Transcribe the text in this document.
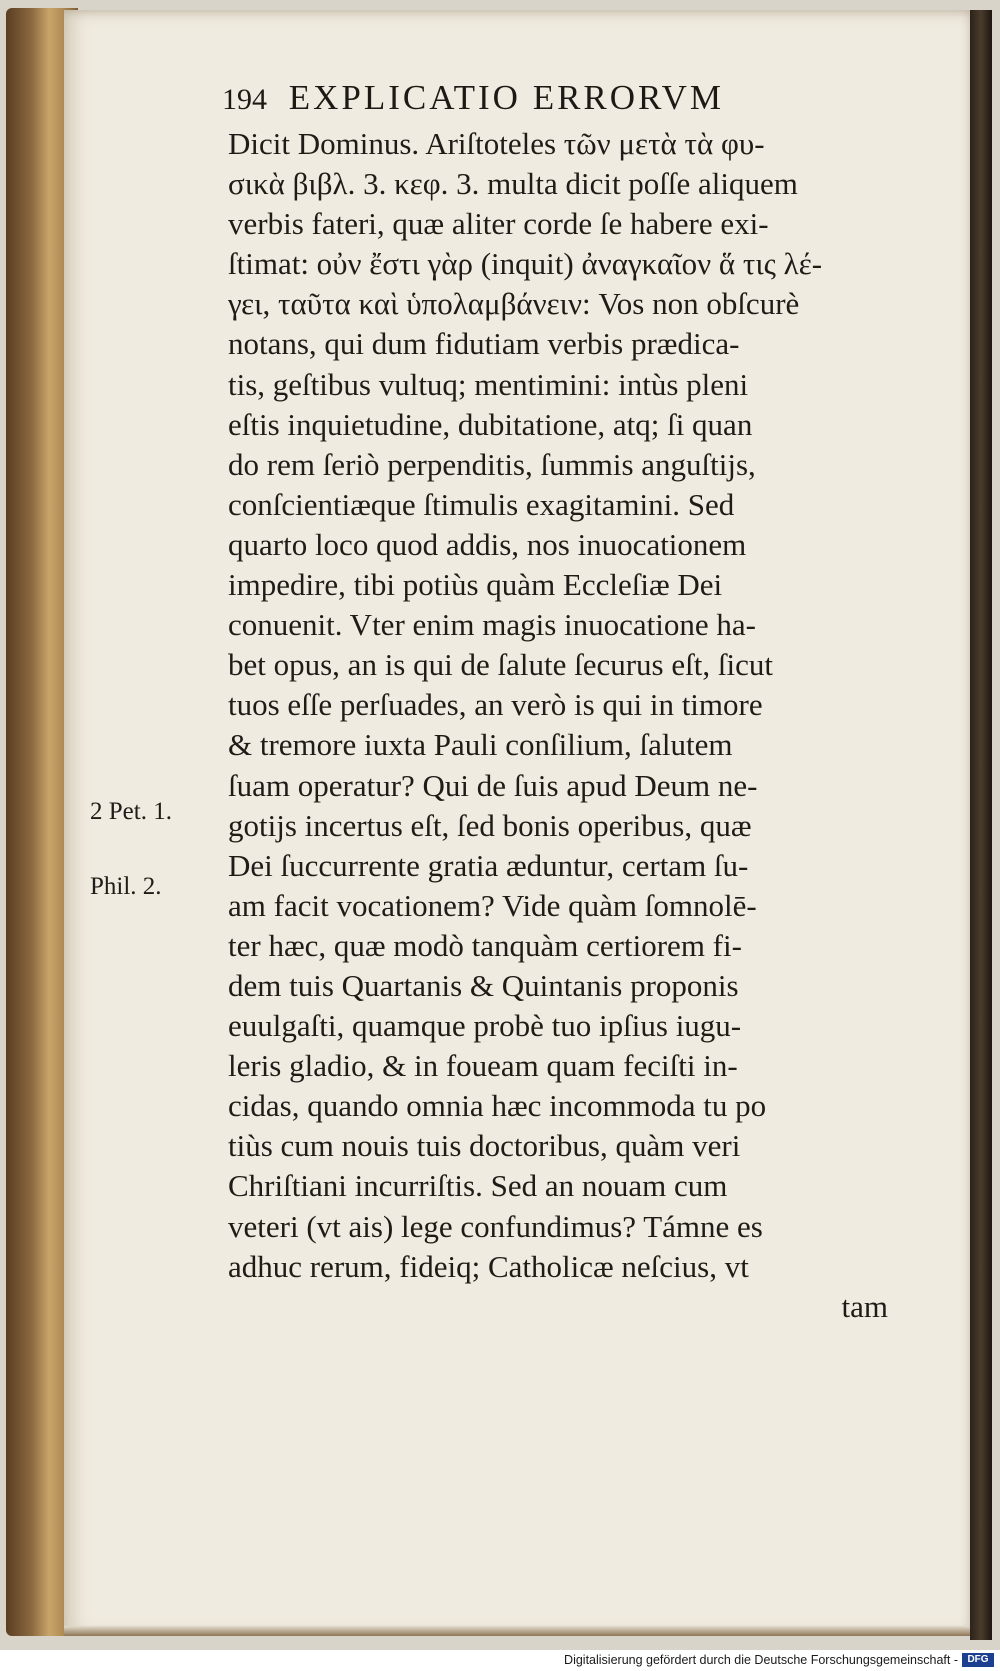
194 EXPLICATIO ERRORVM
Dicit Dominus. Ariſtoteles τῶν μετὰ τὰ φυ-
σικὰ βιβλ. 3. κεφ. 3. multa dicit poſſe aliquem
verbis fateri, quæ aliter corde ſe habere exi-
ſtimat: οὐν ἔστι γὰρ (inquit) ἀναγκαῖον ἅ τις λέ-
γει, ταῦτα καὶ ὑπολαμβάνειν: Vos non obſcurè
notans, qui dum fidutiam verbis prædica-
tis, geſtibus vultuq; mentimini: intùs pleni
eſtis inquietudine, dubitatione, atq; ſi quan
do rem ſeriò perpenditis, ſummis anguſtijs,
conſcientiæque ſtimulis exagitamini. Sed
quarto loco quod addis, nos inuocationem
impedire, tibi potiùs quàm Eccleſiæ Dei
conuenit. Vter enim magis inuocatione ha-
bet opus, an is qui de ſalute ſecurus eſt, ſicut
tuos eſſe perſuades, an verò is qui in timore
& tremore iuxta Pauli conſilium, ſalutem
ſuam operatur? Qui de ſuis apud Deum ne-
gotijs incertus eſt, ſed bonis operibus, quæ
Dei ſuccurrente gratia æduntur, certam ſu-
am facit vocationem? Vide quàm ſomnolē-
ter hæc, quæ modò tanquàm certiorem fi-
dem tuis Quartanis & Quintanis proponis
euulgaſti, quamque probè tuo ipſius iugu-
leris gladio, & in foueam quam feciſti in-
cidas, quando omnia hæc incommoda tu po
tiùs cum nouis tuis doctoribus, quàm veri
Chriſtiani incurriſtis. Sed an nouam cum
veteri (vt ais) lege confundimus? Támne es
adhuc rerum, fideiq; Catholicæ neſcius, vt
tam
2 Pet. 1.
Phil. 2.
Digitalisierung gefördert durch die Deutsche Forschungsgemeinschaft - DFG
